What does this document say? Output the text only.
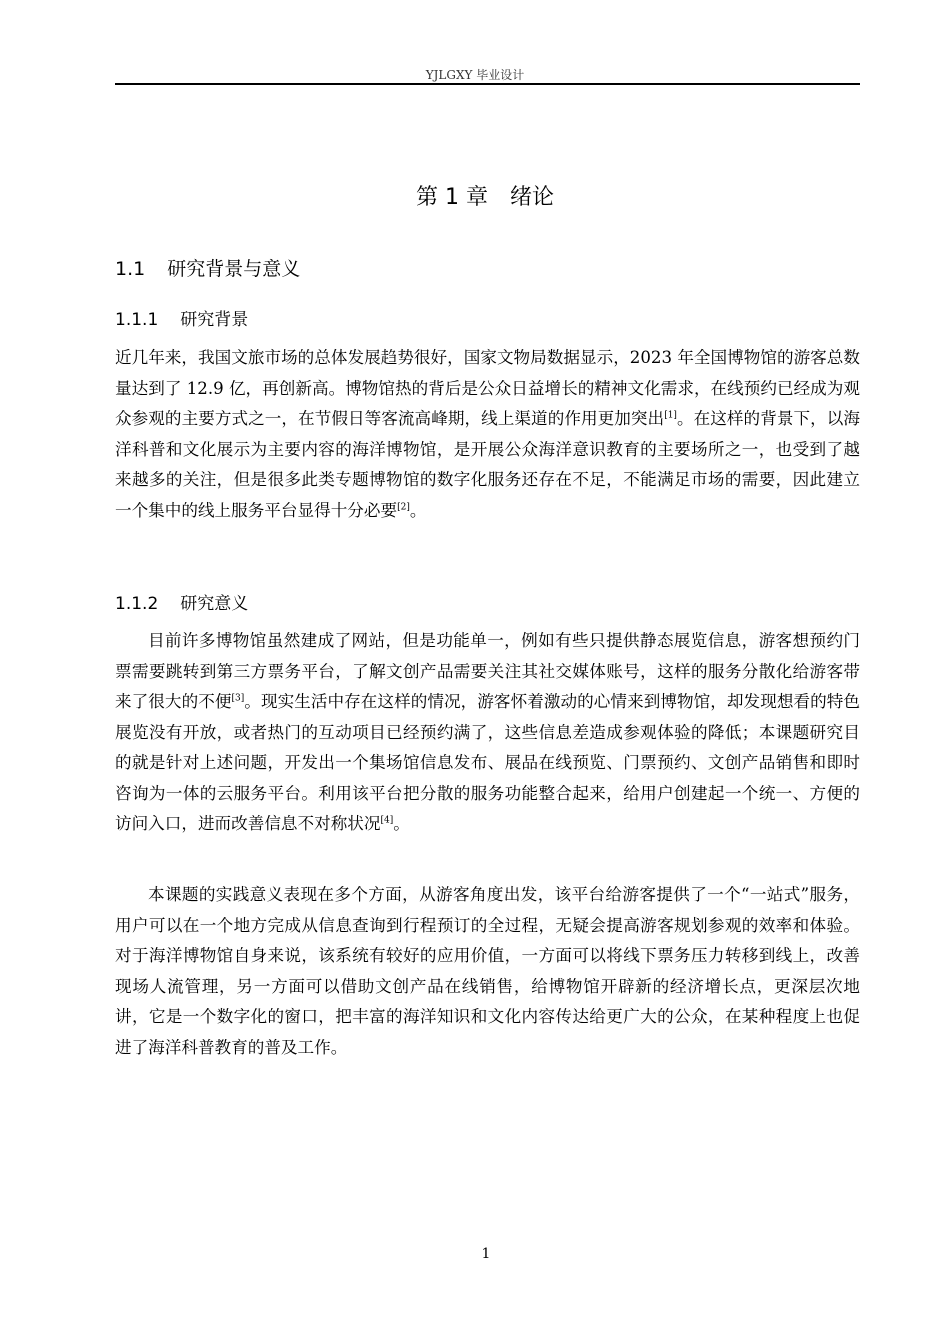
YJLGXY 毕业设计
第 1 章　绪论
1.1 研究背景与意义
1.1.1 研究背景

近几年来，我国文旅市场的总体发展趋势很好，国家文物局数据显示，2023 年全国博物馆的游客总数量达到了 12.9 亿，再创新高。博物馆热的背后是公众日益增长的精神文化需求，在线预约已经成为观众参观的主要方式之一，在节假日等客流高峰期，线上渠道的作用更加突出[1]。在这样的背景下，以海洋科普和文化展示为主要内容的海洋博物馆，是开展公众海洋意识教育的主要场所之一，也受到了越来越多的关注，但是很多此类专题博物馆的数字化服务还存在不足，不能满足市场的需要，因此建立一个集中的线上服务平台显得十分必要[2]。

1.1.2 研究意义

目前许多博物馆虽然建成了网站，但是功能单一，例如有些只提供静态展览信息，游客想预约门票需要跳转到第三方票务平台，了解文创产品需要关注其社交媒体账号，这样的服务分散化给游客带来了很大的不便[3]。现实生活中存在这样的情况，游客怀着激动的心情来到博物馆，却发现想看的特色展览没有开放，或者热门的互动项目已经预约满了，这些信息差造成参观体验的降低；本课题研究目的就是针对上述问题，开发出一个集场馆信息发布、展品在线预览、门票预约、文创产品销售和即时咨询为一体的云服务平台。利用该平台把分散的服务功能整合起来，给用户创建起一个统一、方便的访问入口，进而改善信息不对称状况[4]。

本课题的实践意义表现在多个方面，从游客角度出发，该平台给游客提供了一个“一站式”服务，用户可以在一个地方完成从信息查询到行程预订的全过程，无疑会提高游客规划参观的效率和体验。对于海洋博物馆自身来说，该系统有较好的应用价值，一方面可以将线下票务压力转移到线上，改善现场人流管理，另一方面可以借助文创产品在线销售，给博物馆开辟新的经济增长点，更深层次地讲，它是一个数字化的窗口，把丰富的海洋知识和文化内容传达给更广大的公众，在某种程度上也促进了海洋科普教育的普及工作。

1
